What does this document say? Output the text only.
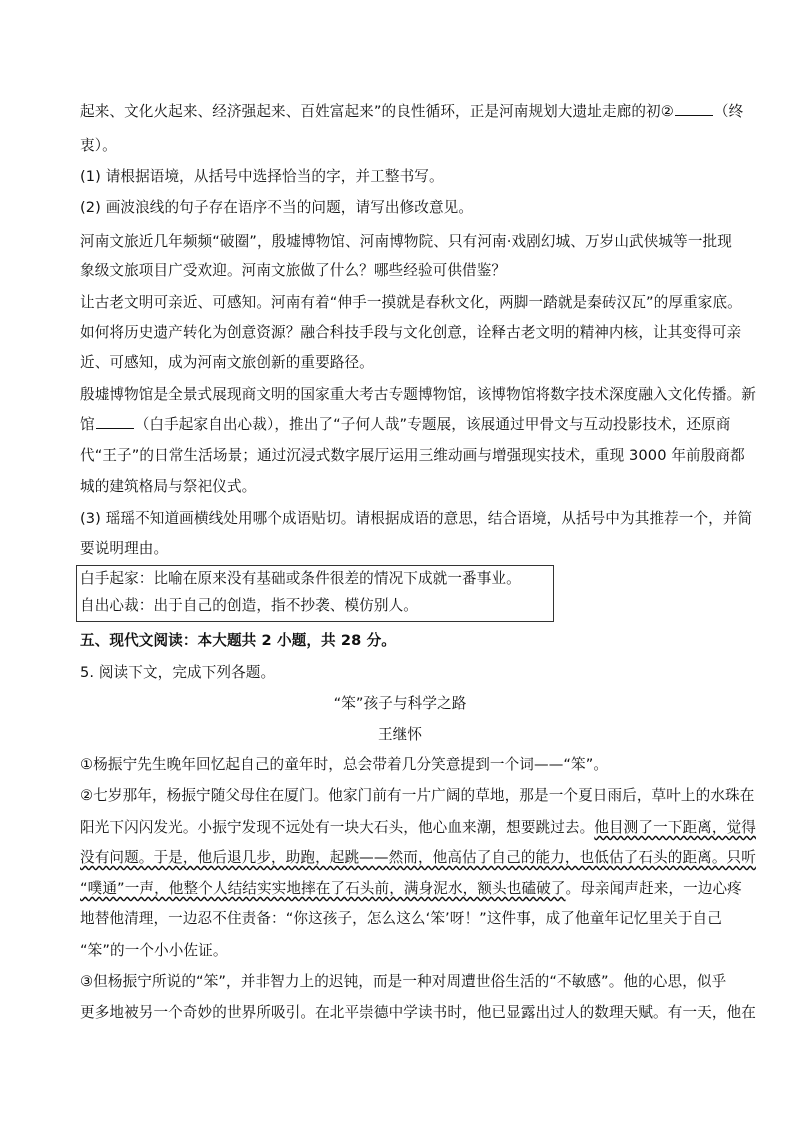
起来、文化火起来、经济强起来、百姓富起来”的良性循环，正是河南规划大遗址走廊的初②	（终
衷）。
(1) 请根据语境，从括号中选择恰当的字，并工整书写。
(2) 画波浪线的句子存在语序不当的问题，请写出修改意见。
河南文旅近几年频频“破圈”，殷墟博物馆、河南博物院、只有河南·戏剧幻城、万岁山武侠城等一批现
象级文旅项目广受欢迎。河南文旅做了什么？哪些经验可供借鉴？
让古老文明可亲近、可感知。河南有着“伸手一摸就是春秋文化，两脚一踏就是秦砖汉瓦”的厚重家底。
如何将历史遗产转化为创意资源？融合科技手段与文化创意，诠释古老文明的精神内核，让其变得可亲
近、可感知，成为河南文旅创新的重要路径。
殷墟博物馆是全景式展现商文明的国家重大考古专题博物馆，该博物馆将数字技术深度融入文化传播。新
馆	（白手起家自出心裁），推出了“子何人哉”专题展，该展通过甲骨文与互动投影技术，还原商
代“王子”的日常生活场景；通过沉浸式数字展厅运用三维动画与增强现实技术，重现 3000 年前殷商都
城的建筑格局与祭祀仪式。
(3) 瑶瑶不知道画横线处用哪个成语贴切。请根据成语的意思，结合语境，从括号中为其推荐一个，并简
要说明理由。
白手起家：比喻在原来没有基础或条件很差的情况下成就一番事业。
自出心裁：出于自己的创造，指不抄袭、模仿别人。
五、现代文阅读：本大题共 2 小题，共 28 分。
5. 阅读下文，完成下列各题。
“笨”孩子与科学之路
王继怀
①杨振宁先生晚年回忆起自己的童年时，总会带着几分笑意提到一个词——“笨”。
②七岁那年，杨振宁随父母住在厦门。他家门前有一片广阔的草地，那是一个夏日雨后，草叶上的水珠在
阳光下闪闪发光。小振宁发现不远处有一块大石头，他心血来潮，想要跳过去。他目测了一下距离，觉得
没有问题。于是，他后退几步，助跑，起跳——然而，他高估了自己的能力，也低估了石头的距离。只听
“噗通”一声，他整个人结结实实地摔在了石头前，满身泥水，额头也磕破了。母亲闻声赶来，一边心疼
地替他清理，一边忍不住责备：“你这孩子，怎么这么‘笨’呀！”这件事，成了他童年记忆里关于自己
“笨”的一个小小佐证。
③但杨振宁所说的“笨”，并非智力上的迟钝，而是一种对周遭世俗生活的“不敏感”。他的心思，似乎
更多地被另一个奇妙的世界所吸引。在北平崇德中学读书时，他已显露出过人的数理天赋。有一天，他在
